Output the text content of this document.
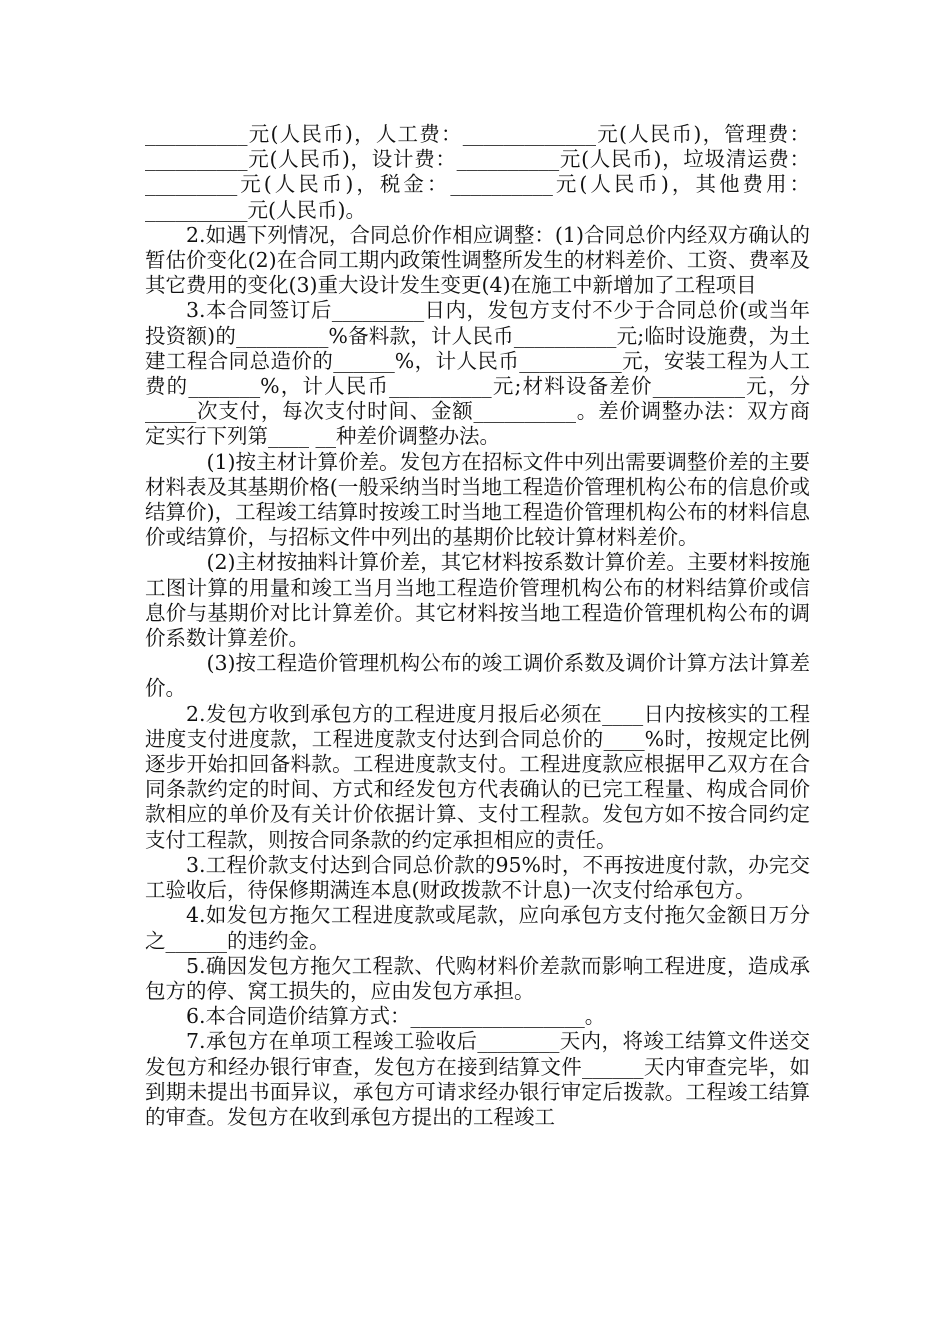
__________元(人民币)，人工费：_____________元(人民币)，管理费：__________元(人民币)，设计费：__________元(人民币)，垃圾清运费：_________元(人民币)，税金：__________元(人民币)，其他费用：__________元(人民币)。

2.如遇下列情况，合同总价作相应调整：(1)合同总价内经双方确认的暂估价变化(2)在合同工期内政策性调整所发生的材料差价、工资、费率及其它费用的变化(3)重大设计发生变更(4)在施工中新增加了工程项目

3.本合同签订后_________日内，发包方支付不少于合同总价(或当年投资额)的_________%备料款，计人民币__________元;临时设施费，为土建工程合同总造价的______%，计人民币__________元，安装工程为人工费的_______%，计人民币__________元;材料设备差价_________元，分_____次支付，每次支付时间、金额__________。差价调整办法：双方商定实行下列第____ __种差价调整办法。

(1)按主材计算价差。发包方在招标文件中列出需要调整价差的主要材料表及其基期价格(一般采纳当时当地工程造价管理机构公布的信息价或结算价)，工程竣工结算时按竣工时当地工程造价管理机构公布的材料信息价或结算价，与招标文件中列出的基期价比较计算材料差价。

(2)主材按抽料计算价差，其它材料按系数计算价差。主要材料按施工图计算的用量和竣工当月当地工程造价管理机构公布的材料结算价或信息价与基期价对比计算差价。其它材料按当地工程造价管理机构公布的调价系数计算差价。

(3)按工程造价管理机构公布的竣工调价系数及调价计算方法计算差价。

2.发包方收到承包方的工程进度月报后必须在____日内按核实的工程进度支付进度款，工程进度款支付达到合同总价的____%时，按规定比例逐步开始扣回备料款。工程进度款支付。工程进度款应根据甲乙双方在合同条款约定的时间、方式和经发包方代表确认的已完工程量、构成合同价款相应的单价及有关计价依据计算、支付工程款。发包方如不按合同约定支付工程款，则按合同条款的约定承担相应的责任。

3.工程价款支付达到合同总价款的95%时，不再按进度付款，办完交工验收后，待保修期满连本息(财政拨款不计息)一次支付给承包方。

4.如发包方拖欠工程进度款或尾款，应向承包方支付拖欠金额日万分之______的违约金。

5.确因发包方拖欠工程款、代购材料价差款而影响工程进度，造成承包方的停、窝工损失的，应由发包方承担。

6.本合同造价结算方式：_________________。

7.承包方在单项工程竣工验收后________天内，将竣工结算文件送交发包方和经办银行审查，发包方在接到结算文件______天内审查完毕，如到期未提出书面异议，承包方可请求经办银行审定后拨款。工程竣工结算的审查。发包方在收到承包方提出的工程竣工
